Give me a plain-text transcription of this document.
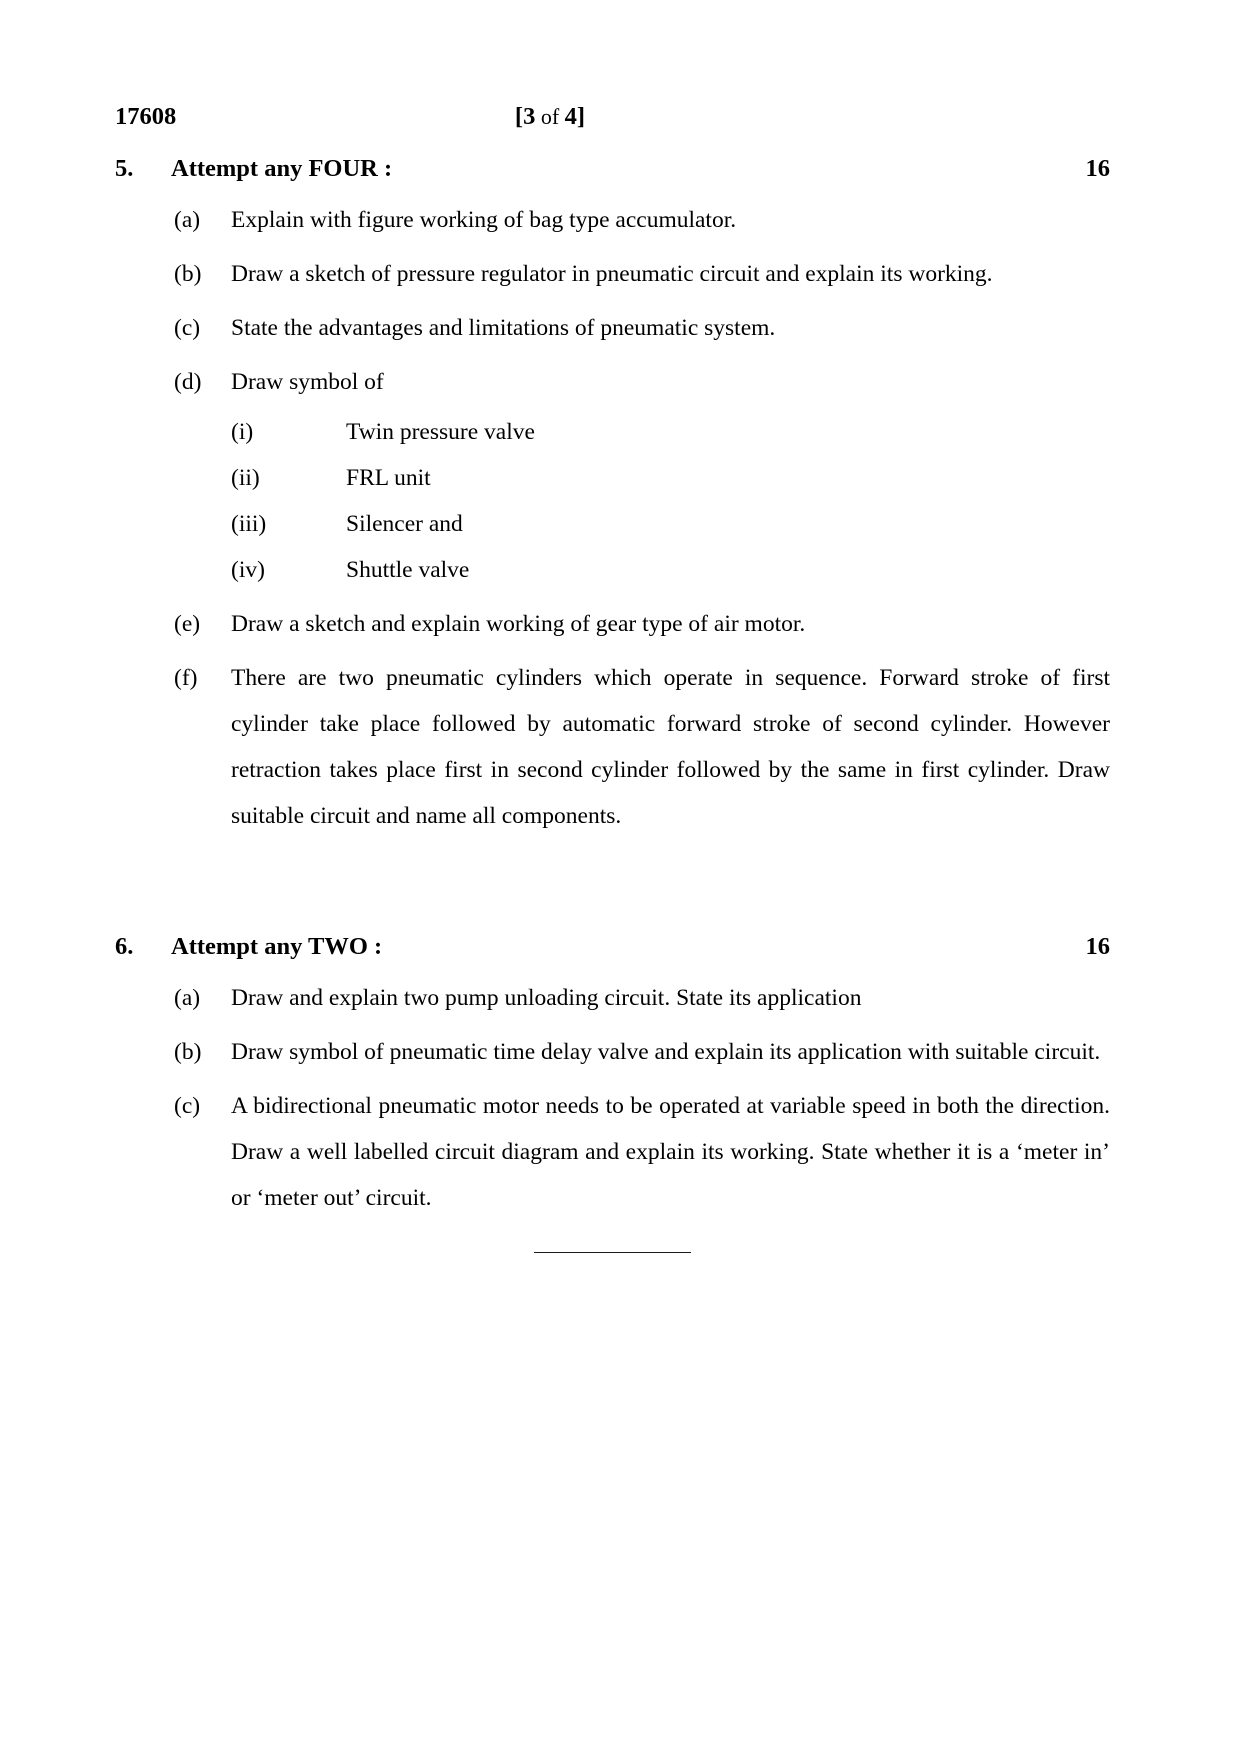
17608	[3 of 4]
5.	Attempt any FOUR :	16
(a)	Explain with figure working of bag type accumulator.
(b)	Draw a sketch of pressure regulator in pneumatic circuit and explain its working.
(c)	State the advantages and limitations of pneumatic system.
(d)	Draw symbol of
(i)	Twin pressure valve
(ii)	FRL unit
(iii)	Silencer and
(iv)	Shuttle valve
(e)	Draw a sketch and explain working of gear type of air motor.
(f)	There are two pneumatic cylinders which operate in sequence. Forward stroke of first cylinder take place followed by automatic forward stroke of second cylinder. However retraction takes place first in second cylinder followed by the same in first cylinder. Draw suitable circuit and name all components.
6.	Attempt any TWO :	16
(a)	Draw and explain two pump unloading circuit. State its application
(b)	Draw symbol of pneumatic time delay valve and explain its application with suitable circuit.
(c)	A bidirectional pneumatic motor needs to be operated at variable speed in both the direction. Draw a well labelled circuit diagram and explain its working. State whether it is a ‘meter in’ or ‘meter out’ circuit.
